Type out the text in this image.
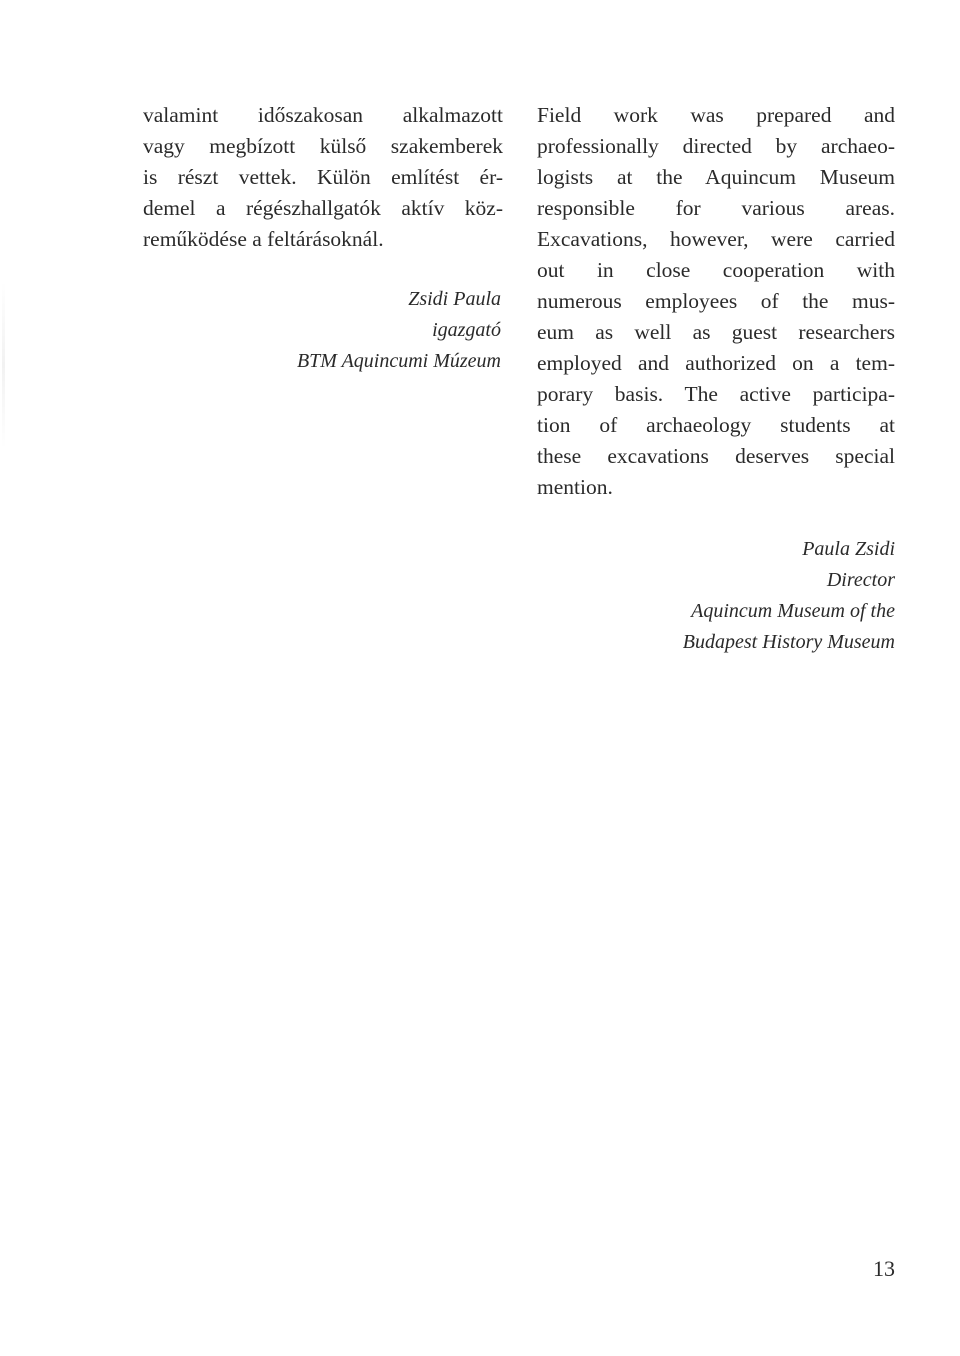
valamint időszakosan alkalmazott
vagy megbízott külső szakemberek
is részt vettek. Külön említést ér-
demel a régészhallgatók aktív köz-
reműködése a feltárásoknál.
Zsidi Paula
igazgató
BTM Aquincumi Múzeum
Field work was prepared and
professionally directed by archaeo-
logists at the Aquincum Museum
responsible for various areas.
Excavations, however, were carried
out in close cooperation with
numerous employees of the mus-
eum as well as guest researchers
employed and authorized on a tem-
porary basis. The active participa-
tion of archaeology students at
these excavations deserves special
mention.
Paula Zsidi
Director
Aquincum Museum of the
Budapest History Museum
13
